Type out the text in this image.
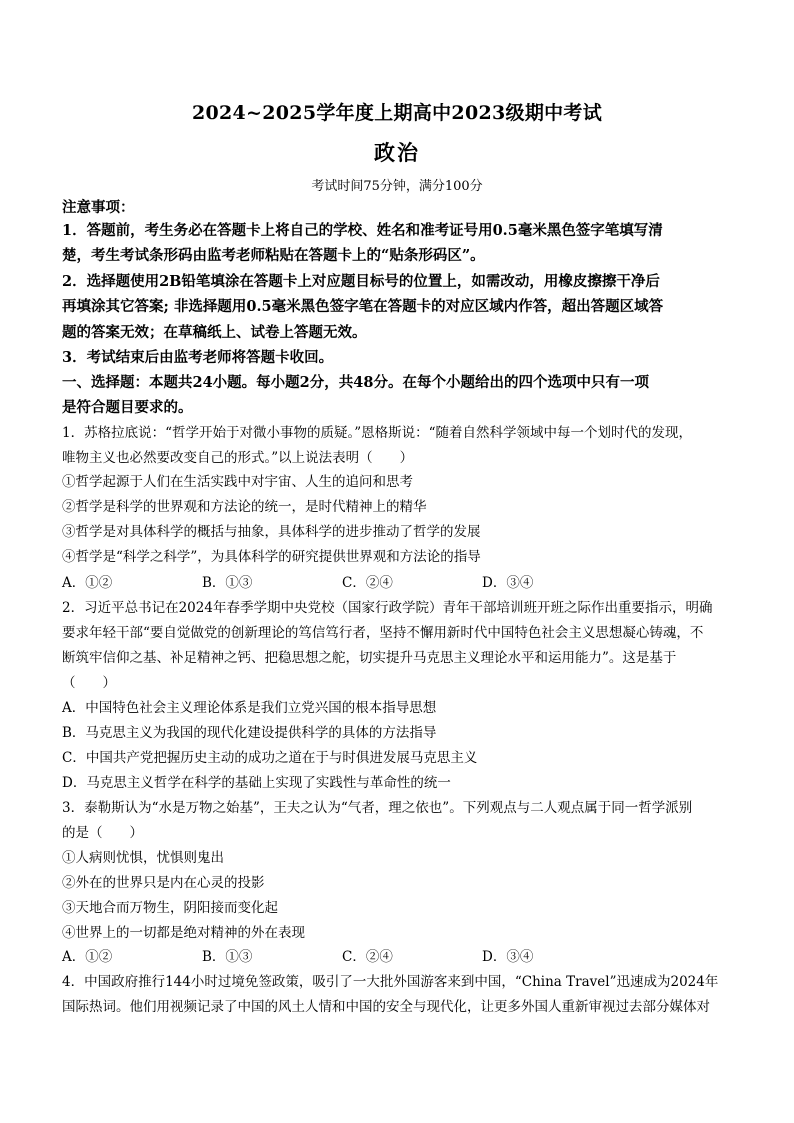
2024~2025学年度上期高中2023级期中考试
政治
考试时间75分钟，满分100分
注意事项：
1．答题前，考生务必在答题卡上将自己的学校、姓名和准考证号用0.5毫米黑色签字笔填写清
楚，考生考试条形码由监考老师粘贴在答题卡上的“贴条形码区”。
2．选择题使用2B铅笔填涂在答题卡上对应题目标号的位置上，如需改动，用橡皮擦擦干净后
再填涂其它答案; 非选择题用0.5毫米黑色签字笔在答题卡的对应区域内作答，超出答题区域答
题的答案无效；在草稿纸上、试卷上答题无效。
3．考试结束后由监考老师将答题卡收回。
一、选择题：本题共24小题。每小题2分，共48分。在每个小题给出的四个选项中只有一项
是符合题目要求的。
1．苏格拉底说：“哲学开始于对微小事物的质疑。”恩格斯说：“随着自然科学领域中每一个划时代的发现，
唯物主义也必然要改变自己的形式。”以上说法表明（　　）
①哲学起源于人们在生活实践中对宇宙、人生的追问和思考
②哲学是科学的世界观和方法论的统一，是时代精神上的精华
③哲学是对具体科学的概括与抽象，具体科学的进步推动了哲学的发展
④哲学是“科学之科学”，为具体科学的研究提供世界观和方法论的指导
A．①②	B．①③	C．②④	D．③④
2．习近平总书记在2024年春季学期中央党校（国家行政学院）青年干部培训班开班之际作出重要指示，明确
要求年轻干部“要自觉做党的创新理论的笃信笃行者，坚持不懈用新时代中国特色社会主义思想凝心铸魂，不
断筑牢信仰之基、补足精神之钙、把稳思想之舵，切实提升马克思主义理论水平和运用能力”。这是基于
（　　）
A．中国特色社会主义理论体系是我们立党兴国的根本指导思想
B．马克思主义为我国的现代化建设提供科学的具体的方法指导
C．中国共产党把握历史主动的成功之道在于与时俱进发展马克思主义
D．马克思主义哲学在科学的基础上实现了实践性与革命性的统一
3．泰勒斯认为“水是万物之始基”，王夫之认为“气者，理之依也”。下列观点与二人观点属于同一哲学派别
的是（　　）
①人病则忧惧，忧惧则鬼出
②外在的世界只是内在心灵的投影
③天地合而万物生，阴阳接而变化起
④世界上的一切都是绝对精神的外在表现
A．①②	B．①③	C．②④	D．③④
4．中国政府推行144小时过境免签政策，吸引了一大批外国游客来到中国，“China Travel”迅速成为2024年
国际热词。他们用视频记录了中国的风土人情和中国的安全与现代化，让更多外国人重新审视过去部分媒体对
